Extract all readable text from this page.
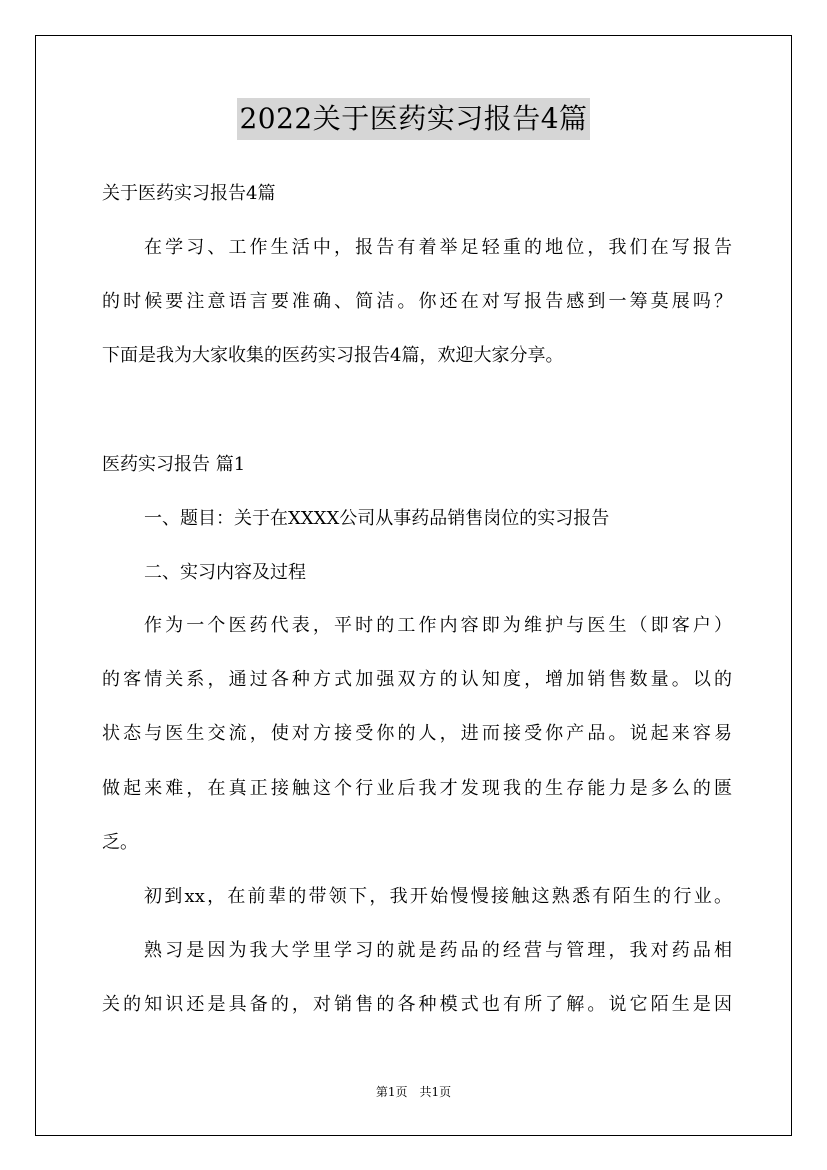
2022关于医药实习报告4篇
关于医药实习报告4篇
在学习、工作生活中，报告有着举足轻重的地位，我们在写报告
的时候要注意语言要准确、简洁。你还在对写报告感到一筹莫展吗？
下面是我为大家收集的医药实习报告4篇，欢迎大家分享。
医药实习报告 篇1
一、题目：关于在XXXX公司从事药品销售岗位的实习报告
二、实习内容及过程
作为一个医药代表，平时的工作内容即为维护与医生（即客户）
的客情关系，通过各种方式加强双方的认知度，增加销售数量。以的
状态与医生交流，使对方接受你的人，进而接受你产品。说起来容易
做起来难，在真正接触这个行业后我才发现我的生存能力是多么的匮
乏。
初到xx，在前辈的带领下，我开始慢慢接触这熟悉有陌生的行业。
熟习是因为我大学里学习的就是药品的经营与管理，我对药品相
关的知识还是具备的，对销售的各种模式也有所了解。说它陌生是因
第1页　共1页
